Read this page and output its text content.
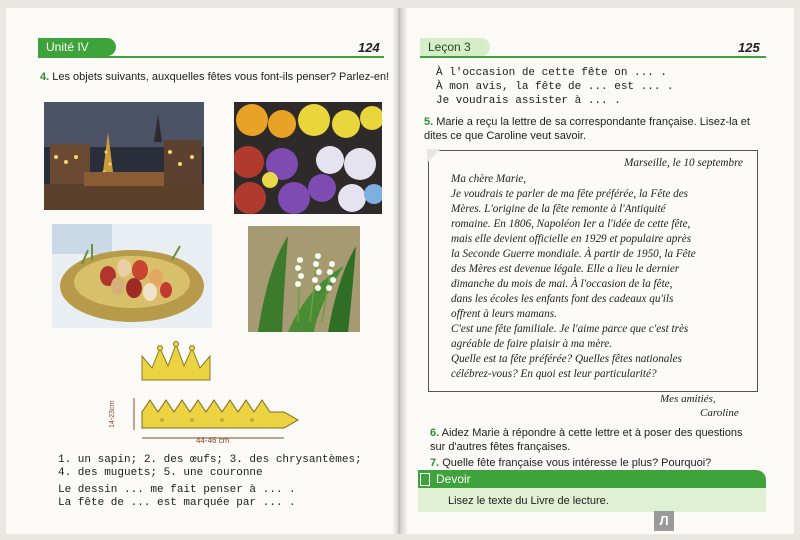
Unité IV	124
4. Les objets suivants, auxquelles fêtes vous font-ils penser? Parlez-en!
14-23cm
44-46 cm
1. un sapin; 2. des œufs; 3. des chrysantèmes;
4. des muguets; 5. une couronne
Le dessin ... me fait penser à ... .
La fête de ... est marquée par ... .
Leçon 3	125
À l'occasion de cette fête on ... .
À mon avis, la fête de ... est ... .
Je voudrais assister à ... .
5. Marie a reçu la lettre de sa correspondante française. Lisez-la et
dites ce que Caroline veut savoir.
Marseille, le 10 septembre
Ma chère Marie,
Je voudrais te parler de ma fête préférée, la Fête des
Mères. L'origine de la fête remonte à l'Antiquité
romaine. En 1806, Napoléon Ier a l'idée de cette fête,
mais elle devient officielle en 1929 et populaire après
la Seconde Guerre mondiale. À partir de 1950, la Fête
des Mères est devenue légale. Elle a lieu le dernier
dimanche du mois de mai. À l'occasion de la fête,
dans les écoles les enfants font des cadeaux qu'ils
offrent à leurs mamans.
C'est une fête familiale. Je l'aime parce que c'est très
agréable de faire plaisir à ma mère.
Quelle est ta fête préférée? Quelles fêtes nationales
célébrez-vous? En quoi est leur particularité?
Mes amitiés,
Caroline
6. Aidez Marie à répondre à cette lettre et à poser des questions
sur d'autres fêtes françaises.
7. Quelle fête française vous intéresse le plus? Pourquoi?
Devoir
Lisez le texte du Livre de lecture.
Л
